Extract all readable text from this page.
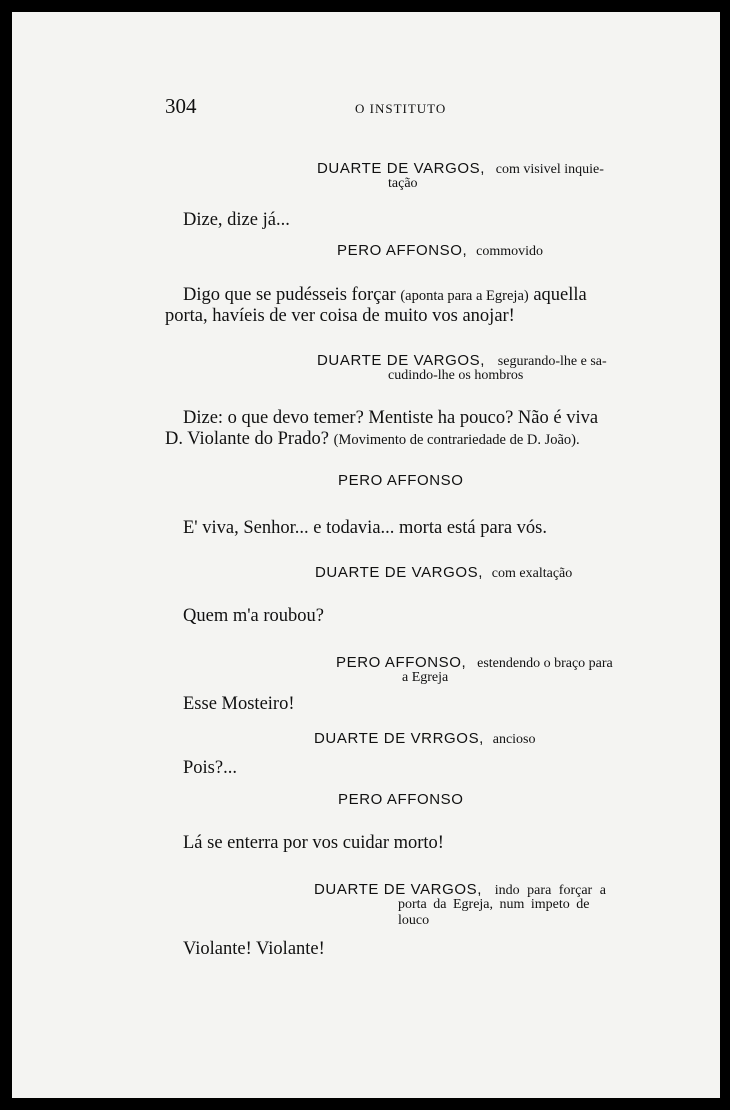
304	O INSTITUTO
DUARTE DE VARGOS, com visivel inquie-
tação
Dize, dize já...
PERO AFFONSO, commovido
Digo que se pudésseis forçar (aponta para a Egreja) aquella
porta, havíeis de ver coisa de muito vos anojar!
DUARTE DE VARGOS, segurando-lhe e sa-
cudindo-lhe os hombros
Dize: o que devo temer? Mentiste ha pouco? Não é viva
D. Violante do Prado? (Movimento de contrariedade de D. João).
PERO AFFONSO
E' viva, Senhor... e todavia... morta está para vós.
DUARTE DE VARGOS, com exaltação
Quem m'a roubou?
PERO AFFONSO, estendendo o braço para
a Egreja
Esse Mosteiro!
DUARTE DE VRRGOS, ancioso
Pois?...
PERO AFFONSO
Lá se enterra por vos cuidar morto!
DUARTE DE VARGOS, indo para forçar a
porta da Egreja, num impeto de
louco
Violante! Violante!
